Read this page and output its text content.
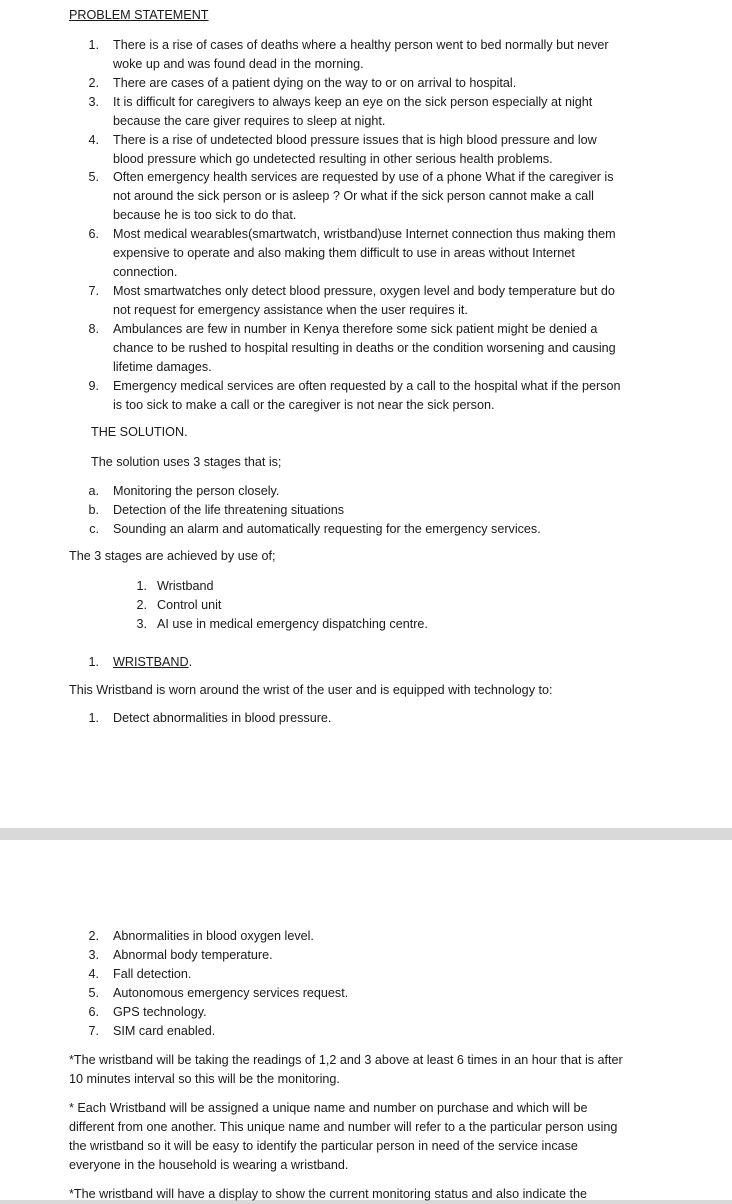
PROBLEM STATEMENT
1. There is a rise of cases of deaths where a healthy person went to bed normally but never
woke up and was found dead in the morning.
2. There are cases of a patient dying on the way to or on arrival to hospital.
3. It is difficult for caregivers to always keep an eye on the sick person especially at night
because the care giver requires to sleep at night.
4. There is a rise of undetected blood pressure issues that is high blood pressure and low
blood pressure which go undetected resulting in other serious health problems.
5. Often emergency health services are requested by use of a phone What if the caregiver is
not around the sick person or is asleep ? Or what if the sick person cannot make a call
because he is too sick to do that.
6. Most medical wearables(smartwatch, wristband)use Internet connection thus making them
expensive to operate and also making them difficult to use in areas without Internet
connection.
7. Most smartwatches only detect blood pressure, oxygen level and body temperature but do
not request for emergency assistance when the user requires it.
8. Ambulances are few in number in Kenya therefore some sick patient might be denied a
chance to be rushed to hospital resulting in deaths or the condition worsening and causing
lifetime damages.
9. Emergency medical services are often requested by a call to the hospital what if the person
is too sick to make a call or the caregiver is not near the sick person.
THE SOLUTION.
The solution uses 3 stages that is;
a. Monitoring the person closely.
b. Detection of the life threatening situations
c. Sounding an alarm and automatically requesting for the emergency services.
The 3 stages are achieved by use of;
1. Wristband
2. Control unit
3. AI use in medical emergency dispatching centre.
1. WRISTBAND.
This Wristband is worn around the wrist of the user and is equipped with technology to:
1. Detect abnormalities in blood pressure.
2. Abnormalities in blood oxygen level.
3. Abnormal body temperature.
4. Fall detection.
5. Autonomous emergency services request.
6. GPS technology.
7. SIM card enabled.
*The wristband will be taking the readings of 1,2 and 3 above at least 6 times in an hour that is after
10 minutes interval so this will be the monitoring.
* Each Wristband will be assigned a unique name and number on purchase and which will be
different from one another. This unique name and number will refer to a the particular person using
the wristband so it will be easy to identify the particular person in need of the service incase
everyone in the household is wearing a wristband.
*The wristband will have a display to show the current monitoring status and also indicate the
